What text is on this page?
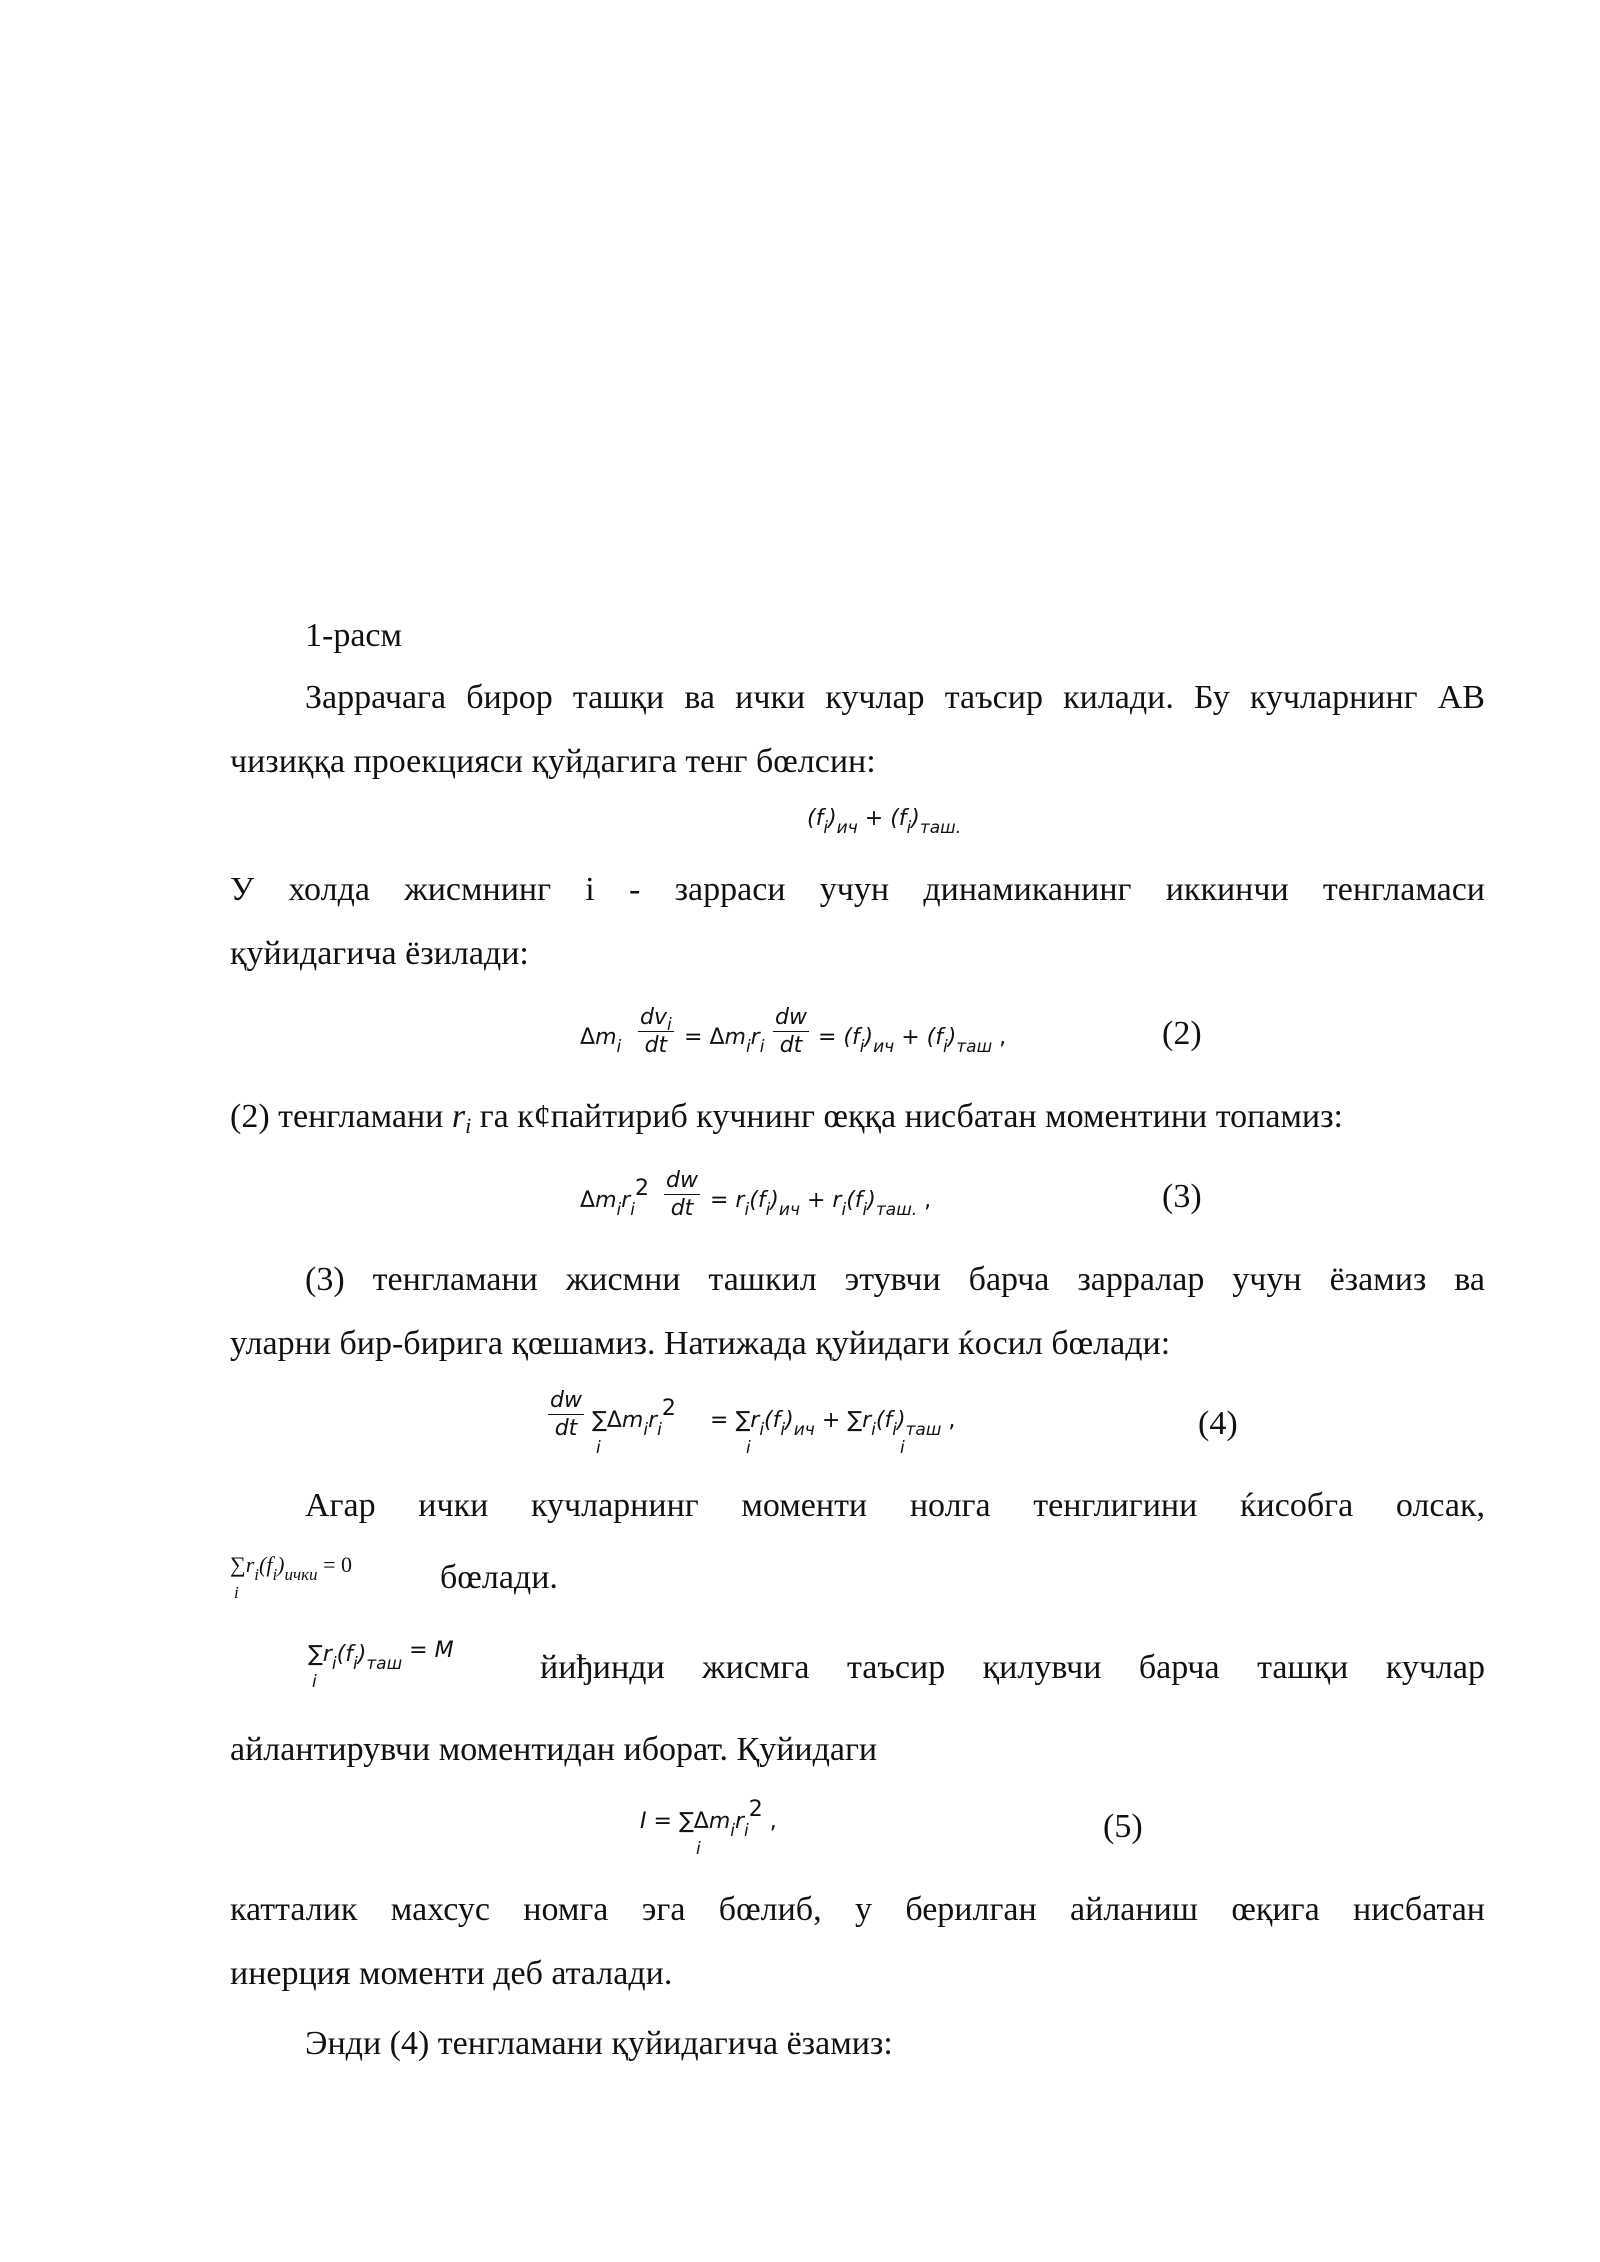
1-расм
Заррачага бирор ташқи ва ички кучлар таъсир килади. Бу кучларнинг AB
чизиққа проекцияси қуйдагига тенг бœлсин:
$(f_i)_{ич} + (f_i)_{таш.}$
У холда жисмнинг i - зарраси учун динамиканинг иккинчи тенгламаси
қуйидагича ёзилади:
$\Delta m_i$
$dv_i$
dt = $\Delta m_ir_i \frac{dw}{dt} = (f_i)_{ич} + (f_i)_{таш}$ ,	(2)
(2) тенгламани ri га к¢пайтириб кучнинг œққа нисбатан моментини топамиз:
$\Delta m_ir_i2 \frac{dw}{dt} = r_i(f_i)_{ич} + r_i(f_i)_{таш.}$ ,	(3)
(3) тенгламани жисмни ташкил этувчи барча зарралар учун ёзамиз ва
уларни бир-бирига қœшамиз. Натижада қуйидаги ќосил бœлади:
$\frac{dw}{dt} \sum\Delta m_ir_i2$
i
= $\sum r_i(f_i)_{ич} + \sum r_i(f_i)_{таш}$ ,
i	i
(4)
Агар ички кучларнинг моменти нолга тенглигини ќисобга олсак,
$\sum r_i(f_i)_{ички} = 0$
i	бœлади.
$\sum r_i(f_i)_{таш} = M$
i	йиђинди жисмга таъсир қилувчи барча ташқи кучлар
айлантирувчи моментидан иборат. Қуйидаги
$I = \sum\Delta m_ir_i2$ ,
i
(5)
катталик махсус номга эга бœлиб, у берилган айланиш œқига нисбатан
инерция моменти деб аталади.
Энди (4) тенгламани қуйидагича ёзамиз:
